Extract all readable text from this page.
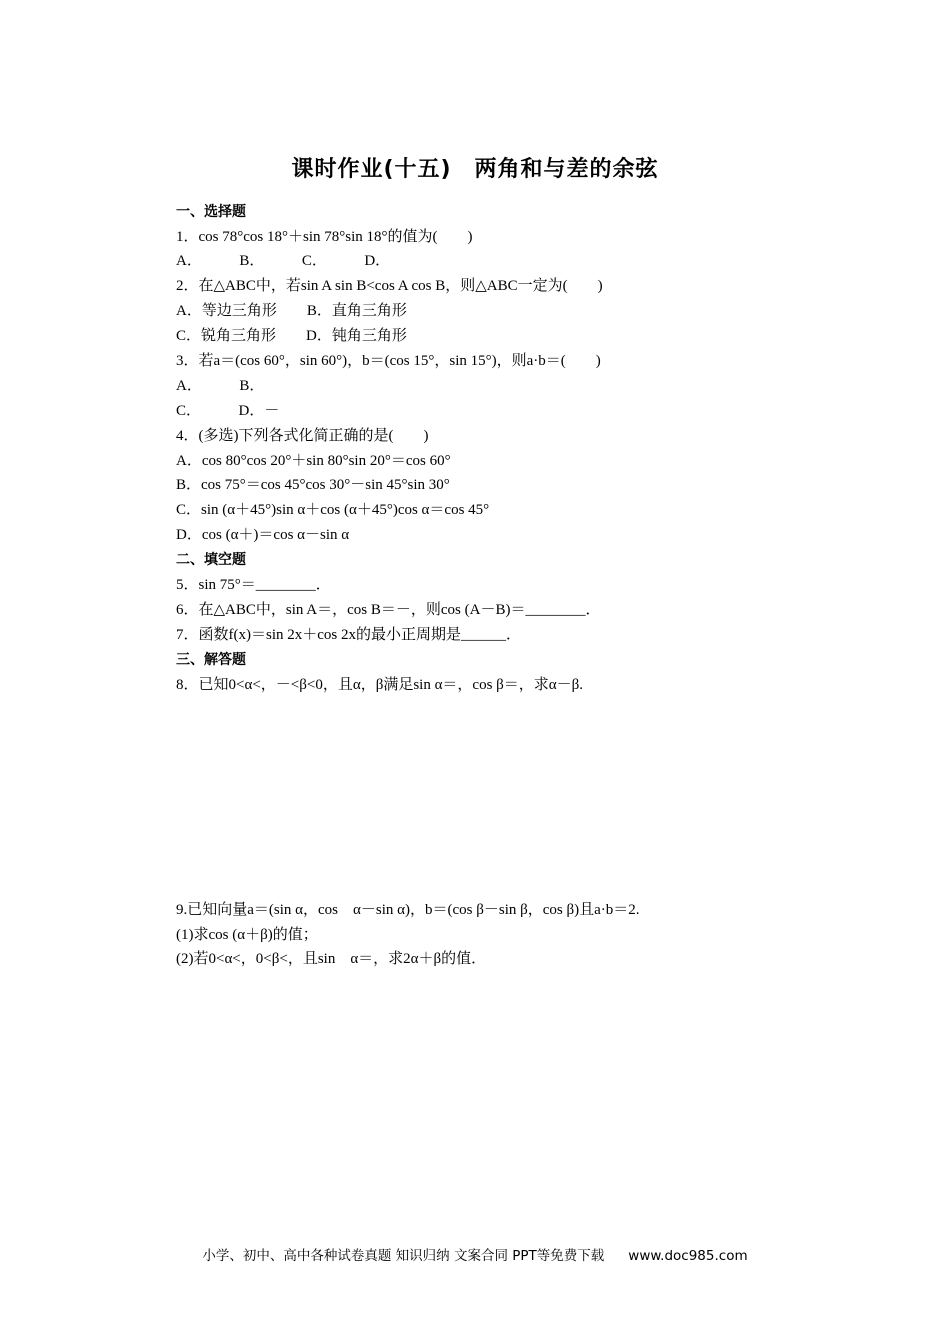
课时作业(十五)　两角和与差的余弦
一、选择题
1．cos 78°cos 18°＋sin 78°sin 18°的值为(　　)
A．　　　B．　　　C．　　　D．
2．在△ABC中，若sin A sin B<cos A cos B，则△ABC一定为(　　)
A．等边三角形　　B．直角三角形
C．锐角三角形　　D．钝角三角形
3．若a＝(cos 60°，sin 60°)，b＝(cos 15°，sin 15°)，则a·b＝(　　)
A．　　　B．
C．　　　D．－
4．(多选)下列各式化简正确的是(　　)
A．cos 80°cos 20°＋sin 80°sin 20°＝cos 60°
B．cos 75°＝cos 45°cos 30°－sin 45°sin 30°
C．sin (α＋45°)sin α＋cos (α＋45°)cos α＝cos 45°
D．cos (α＋)＝cos α－sin α
二、填空题
5．sin 75°＝________．
6．在△ABC中，sin A＝，cos B＝－，则cos (A－B)＝________．
7．函数f(x)＝sin 2x＋cos 2x的最小正周期是______．
三、解答题
8．已知0<α<，－<β<0，且α，β满足sin α＝，cos β＝，求α－β.
9.已知向量a＝(sin α，cos　α－sin α)，b＝(cos β－sin β，cos β)且a·b＝2.
(1)求cos (α＋β)的值；
(2)若0<α<，0<β<，且sin　α＝，求2α＋β的值．
小学、初中、高中各种试卷真题 知识归纳 文案合同 PPT等免费下载 www.doc985.com
